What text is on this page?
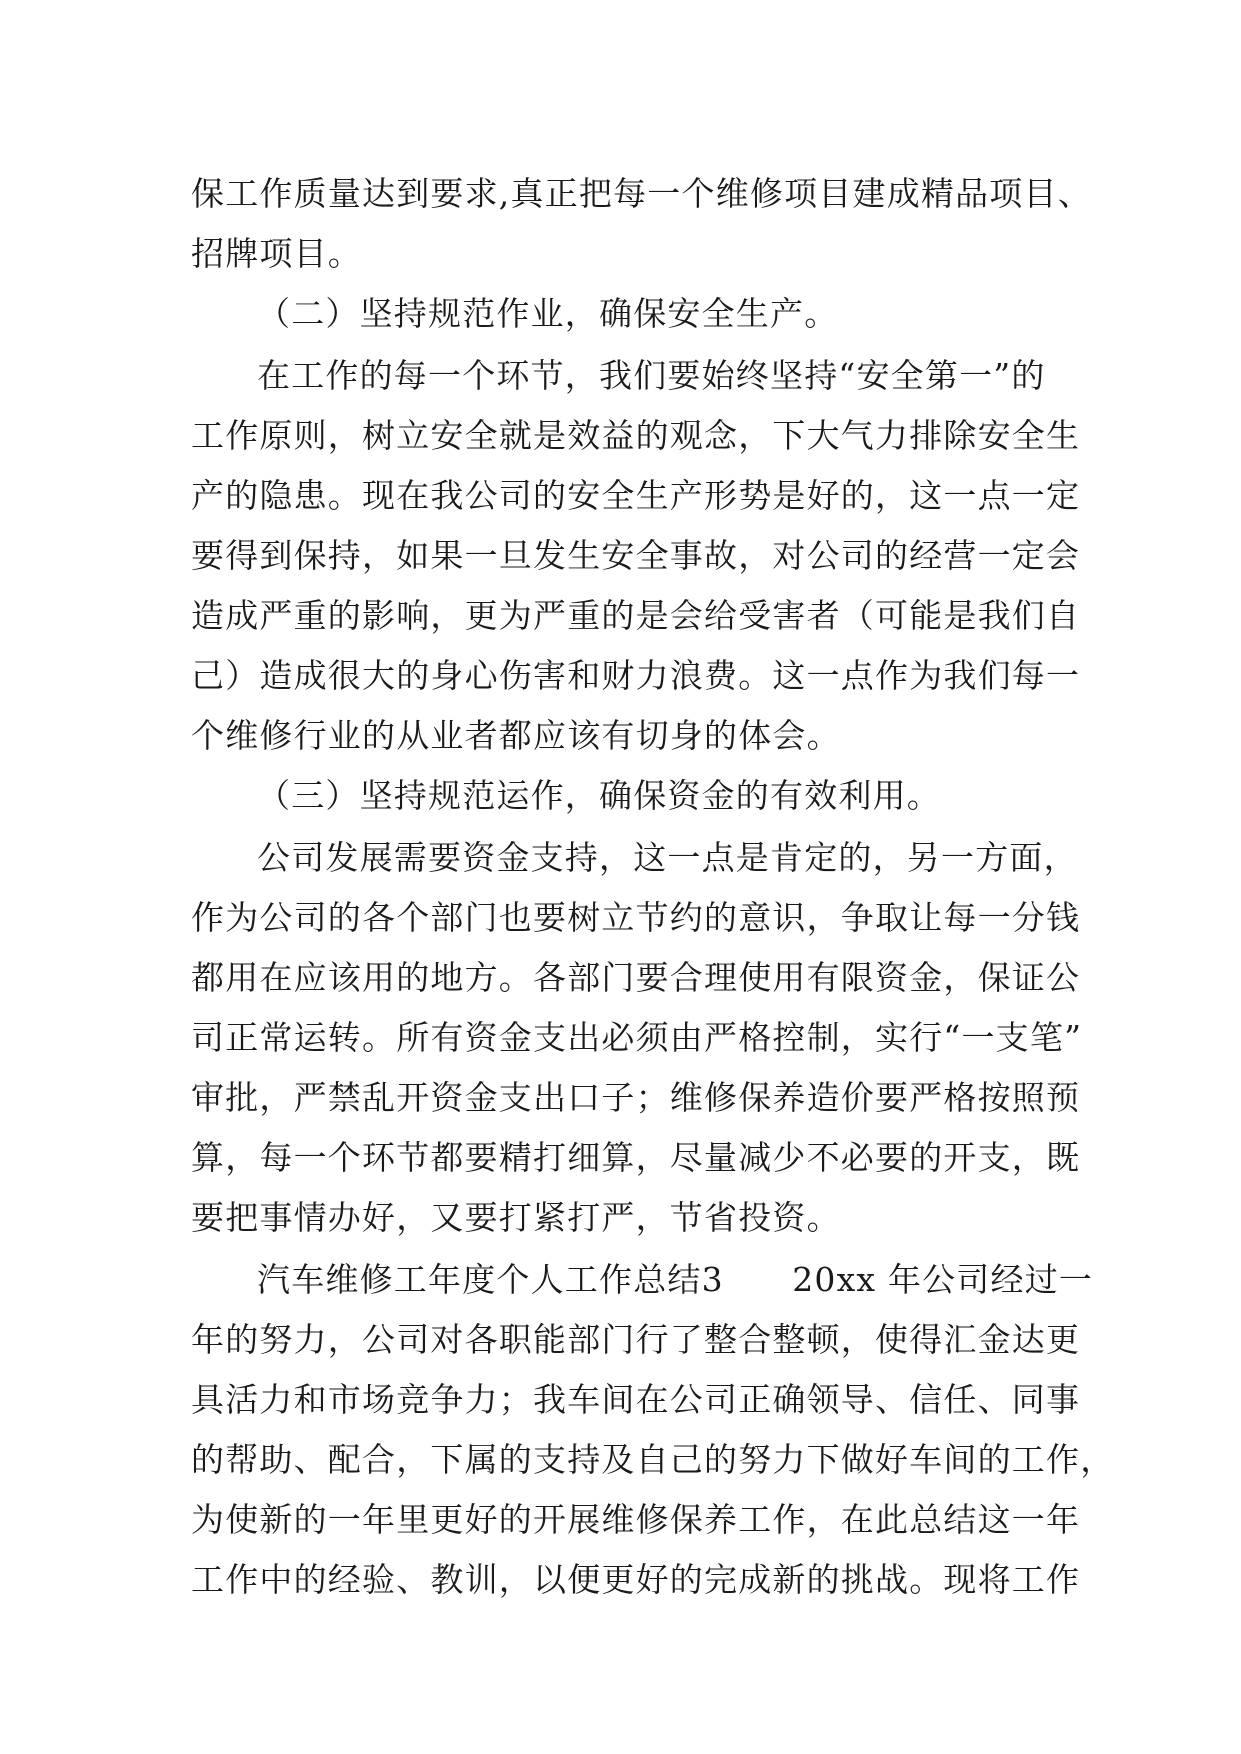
保工作质量达到要求,真正把每一个维修项目建成精品项目、
招牌项目。
（二）坚持规范作业，确保安全生产。
在工作的每一个环节，我们要始终坚持“安全第一”的
工作原则，树立安全就是效益的观念，下大气力排除安全生
产的隐患。现在我公司的安全生产形势是好的，这一点一定
要得到保持，如果一旦发生安全事故，对公司的经营一定会
造成严重的影响，更为严重的是会给受害者（可能是我们自
己）造成很大的身心伤害和财力浪费。这一点作为我们每一
个维修行业的从业者都应该有切身的体会。
（三）坚持规范运作，确保资金的有效利用。
公司发展需要资金支持，这一点是肯定的，另一方面，
作为公司的各个部门也要树立节约的意识，争取让每一分钱
都用在应该用的地方。各部门要合理使用有限资金，保证公
司正常运转。所有资金支出必须由严格控制，实行“一支笔”
审批，严禁乱开资金支出口子；维修保养造价要严格按照预
算，每一个环节都要精打细算，尽量减少不必要的开支，既
要把事情办好，又要打紧打严，节省投资。
汽车维修工年度个人工作总结3　　20xx 年公司经过一
年的努力，公司对各职能部门行了整合整顿，使得汇金达更
具活力和市场竞争力；我车间在公司正确领导、信任、同事
的帮助、配合，下属的支持及自己的努力下做好车间的工作，
为使新的一年里更好的开展维修保养工作，在此总结这一年
工作中的经验、教训，以便更好的完成新的挑战。现将工作
